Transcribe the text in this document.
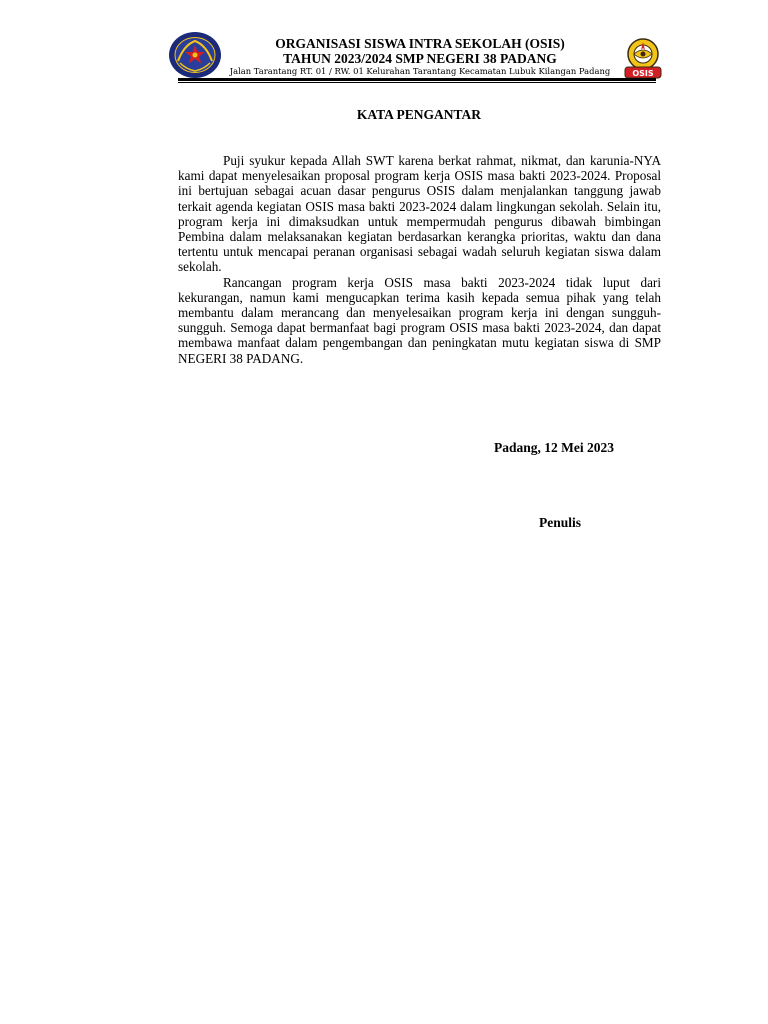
ORGANISASI SISWA INTRA SEKOLAH (OSIS)
TAHUN 2023/2024 SMP NEGERI 38 PADANG
Jalan Tarantang RT. 01 / RW. 01 Kelurahan Tarantang Kecamatan Lubuk Kilangan Padang	OSIS
KATA PENGANTAR

Puji syukur kepada Allah SWT karena berkat rahmat, nikmat, dan karunia-NYA kami dapat menyelesaikan proposal program kerja OSIS masa bakti 2023-2024. Proposal ini bertujuan sebagai acuan dasar pengurus OSIS dalam menjalankan tanggung jawab terkait agenda kegiatan OSIS masa bakti 2023-2024 dalam lingkungan sekolah. Selain itu, program kerja ini dimaksudkan untuk mempermudah pengurus dibawah bimbingan Pembina dalam melaksanakan kegiatan berdasarkan kerangka prioritas, waktu dan dana tertentu untuk mencapai peranan organisasi sebagai wadah seluruh kegiatan siswa dalam sekolah.

Rancangan program kerja OSIS masa bakti 2023-2024 tidak luput dari kekurangan, namun kami mengucapkan terima kasih kepada semua pihak yang telah membantu dalam merancang dan menyelesaikan program kerja ini dengan sungguh- sungguh. Semoga dapat bermanfaat bagi program OSIS masa bakti 2023-2024, dan dapat membawa manfaat dalam pengembangan dan peningkatan mutu kegiatan siswa di SMP NEGERI 38 PADANG.

Padang, 12 Mei 2023
Penulis
